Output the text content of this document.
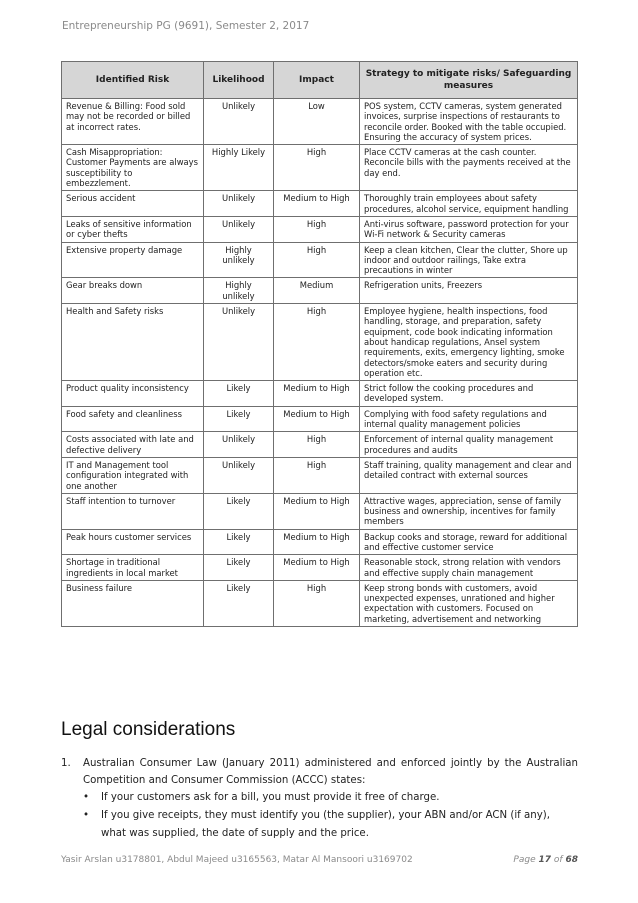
Entrepreneurship PG (9691), Semester 2, 2017
Identified Risk	Likelihood	Impact	Strategy to mitigate risks/ Safeguarding measures
Revenue & Billing: Food sold may not be recorded or billed at incorrect rates.	Unlikely	Low	POS system, CCTV cameras, system generated invoices, surprise inspections of restaurants to reconcile order. Booked with the table occupied. Ensuring the accuracy of system prices.
Cash Misappropriation: Customer Payments are always susceptibility to embezzlement.	Highly Likely	High	Place CCTV cameras at the cash counter. Reconcile bills with the payments received at the day end.
Serious accident	Unlikely	Medium to High	Thoroughly train employees about safety procedures, alcohol service, equipment handling
Leaks of sensitive information or cyber thefts	Unlikely	High	Anti-virus software, password protection for your Wi-Fi network & Security cameras
Extensive property damage	Highly unlikely	High	Keep a clean kitchen, Clear the clutter, Shore up indoor and outdoor railings, Take extra precautions in winter
Gear breaks down	Highly unlikely	Medium	Refrigeration units, Freezers
Health and Safety risks	Unlikely	High	Employee hygiene, health inspections, food handling, storage, and preparation, safety equipment, code book indicating information about handicap regulations, Ansel system requirements, exits, emergency lighting, smoke detectors/smoke eaters and security during operation etc.
Product quality inconsistency	Likely	Medium to High	Strict follow the cooking procedures and developed system.
Food safety and cleanliness	Likely	Medium to High	Complying with food safety regulations and internal quality management policies
Costs associated with late and defective delivery	Unlikely	High	Enforcement of internal quality management procedures and audits
IT and Management tool configuration integrated with one another	Unlikely	High	Staff training, quality management and clear and detailed contract with external sources
Staff intention to turnover	Likely	Medium to High	Attractive wages, appreciation, sense of family business and ownership, incentives for family members
Peak hours customer services	Likely	Medium to High	Backup cooks and storage, reward for additional and effective customer service
Shortage in traditional ingredients in local market	Likely	Medium to High	Reasonable stock, strong relation with vendors and effective supply chain management
Business failure	Likely	High	Keep strong bonds with customers, avoid unexpected expenses, unrationed and higher expectation with customers. Focused on marketing, advertisement and networking
Legal considerations
1.	Australian Consumer Law (January 2011) administered and enforced jointly by the Australian Competition and Consumer Commission (ACCC) states:
•	If your customers ask for a bill, you must provide it free of charge.
•	If you give receipts, they must identify you (the supplier), your ABN and/or ACN (if any), what was supplied, the date of supply and the price.
Yasir Arslan u3178801, Abdul Majeed u3165563, Matar Al Mansoori u3169702	Page 17 of 68
